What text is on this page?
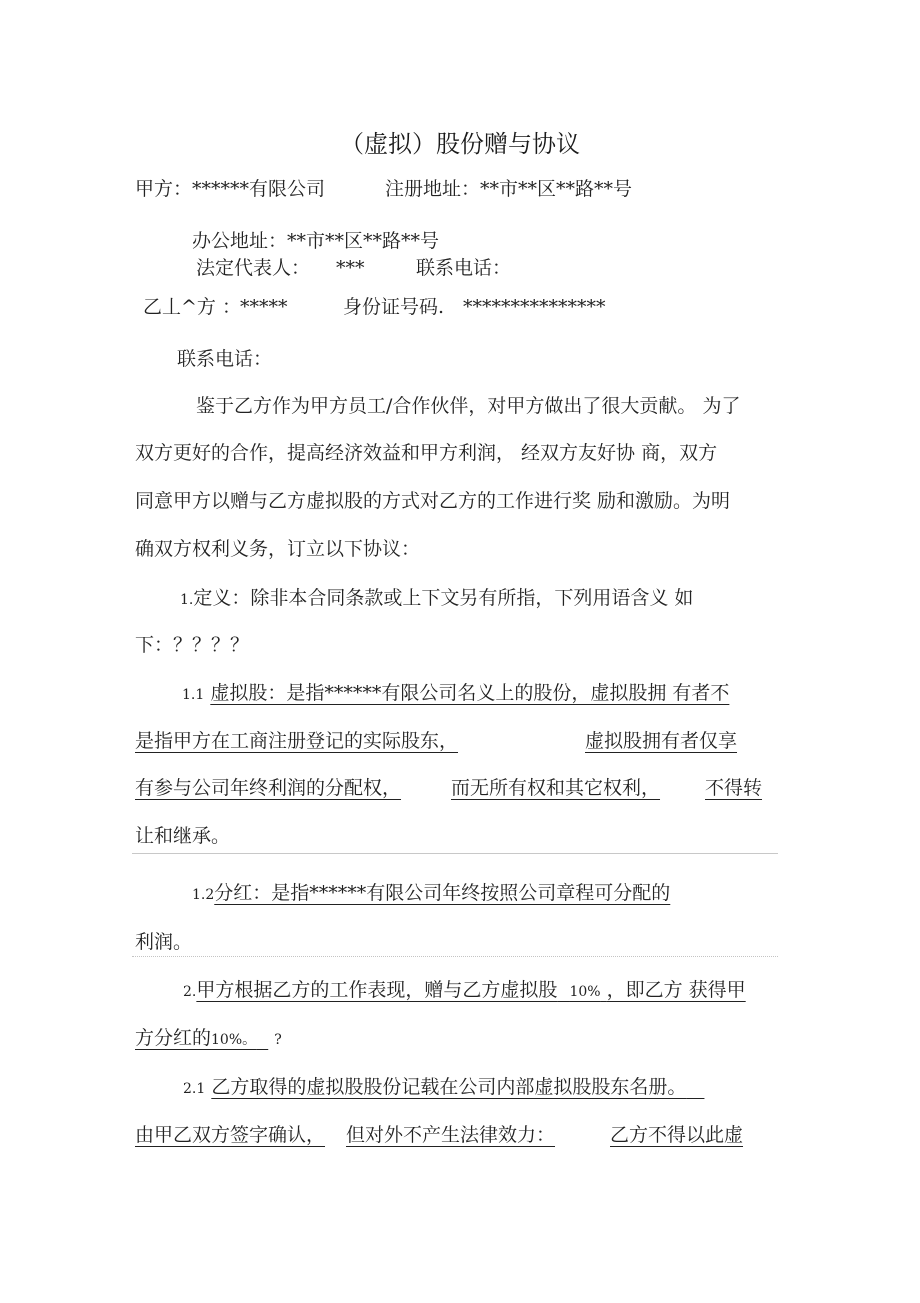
（虚拟）股份赠与协议
甲方：******有限公司	注册地址：**市**区**路**号
办公地址：**市**区**路**号
法定代表人： ***	联系电话：
乙丄^方 ： *****	身份证号码. ***************
联系电话：
鉴于乙方作为甲方员工/合作伙伴，对甲方做出了很大贡献。 为了
双方更好的合作，提高经济效益和甲方利润， 经双方友好协 商，双方
同意甲方以赠与乙方虚拟股的方式对乙方的工作进行奖 励和激励。为明
确双方权利义务，订立以下协议：
1.定义：除非本合同条款或上下文另有所指，下列用语含义 如
下：？？？？
1.1 虚拟股：是指******有限公司名义上的股份，虚拟股拥 有者不
是指甲方在工商注册登记的实际股东，	虚拟股拥有者仅享
有参与公司年终利润的分配权，	而无所有权和其它权利， 不得转
让和继承。
1.2分红：是指******有限公司年终按照公司章程可分配的
利润。
2.甲方根据乙方的工作表现，赠与乙方虚拟股 10% ，即乙方 获得甲
方分红的10%。 ?
2.1 乙方取得的虚拟股股份记载在公司内部虚拟股股东名册。
由甲乙双方签字确认， 但对外不产生法律效力：	乙方不得以此虚
